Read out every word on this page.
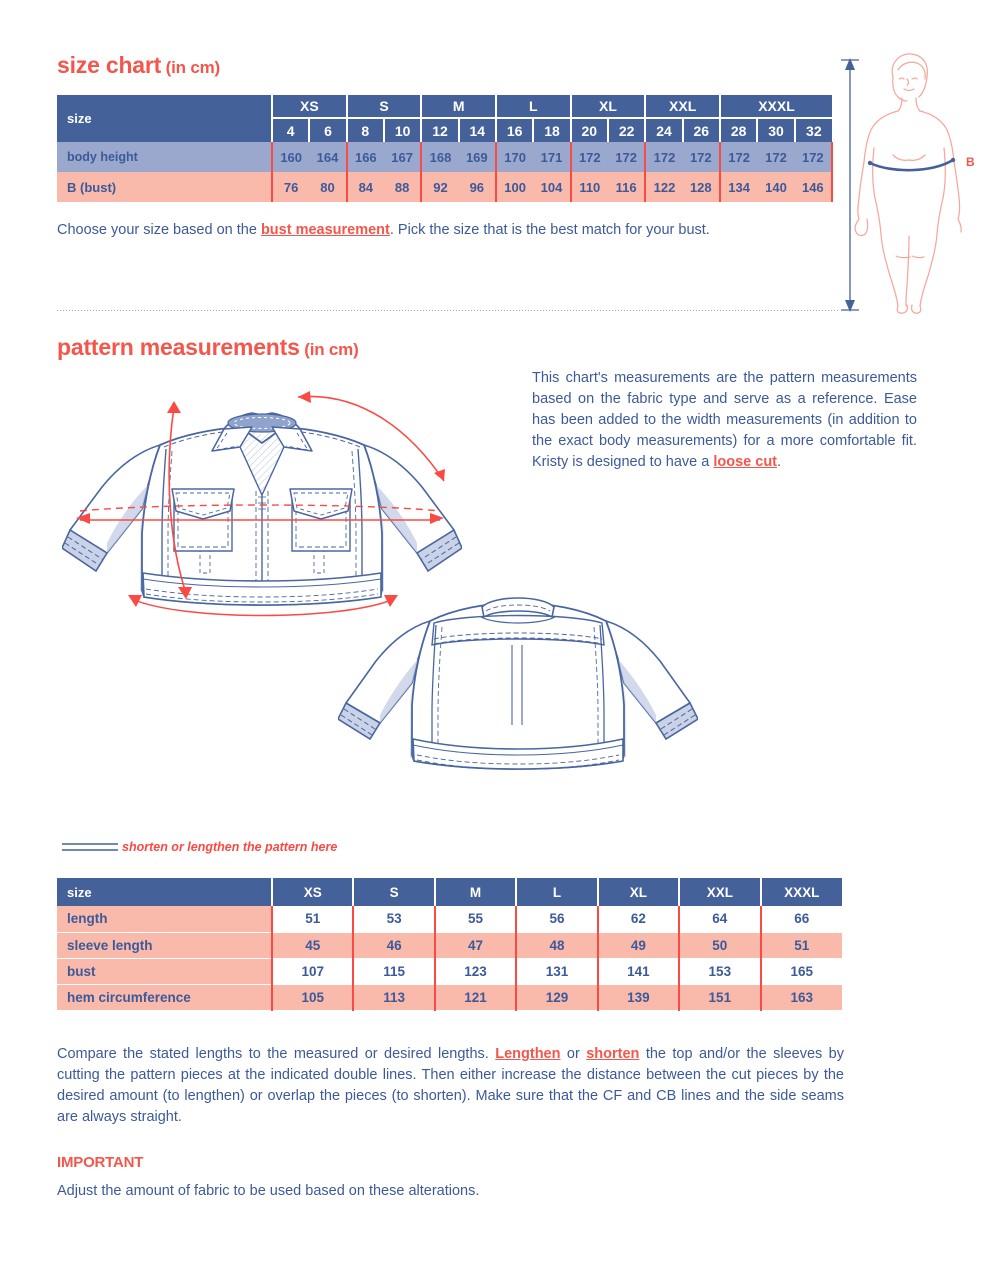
size chart (in cm)
size	XS		S		M		L		XL		XXL		XXXL		
	4	6	8	10	12	14	16	18	20	22	24	26	28	30	32
body height	160	164	166	167	168	169	170	171	172	172	172	172	172	172	172
B (bust)	76	80	84	88	92	96	100	104	110	116	122	128	134	140	146
Choose your size based on the bust measurement. Pick the size that is the best match for your bust.
B
pattern measurements (in cm)
This chart's measurements are the pattern measurements based on the fabric type and serve as a reference. Ease has been added to the width measurements (in addition to the exact body measurements) for a more comfortable fit. Kristy is designed to have a loose cut.
shorten or lengthen the pattern here
size	XS	S	M	L	XL	XXL	XXXL
length	51	53	55	56	62	64	66
sleeve length	45	46	47	48	49	50	51
bust	107	115	123	131	141	153	165
hem circumference	105	113	121	129	139	151	163
Compare the stated lengths to the measured or desired lengths. Lengthen or shorten the top and/or the sleeves by cutting the pattern pieces at the indicated double lines. Then either increase the distance between the cut pieces by the desired amount (to lengthen) or overlap the pieces (to shorten). Make sure that the CF and CB lines and the side seams are always straight.
IMPORTANT
Adjust the amount of fabric to be used based on these alterations.
